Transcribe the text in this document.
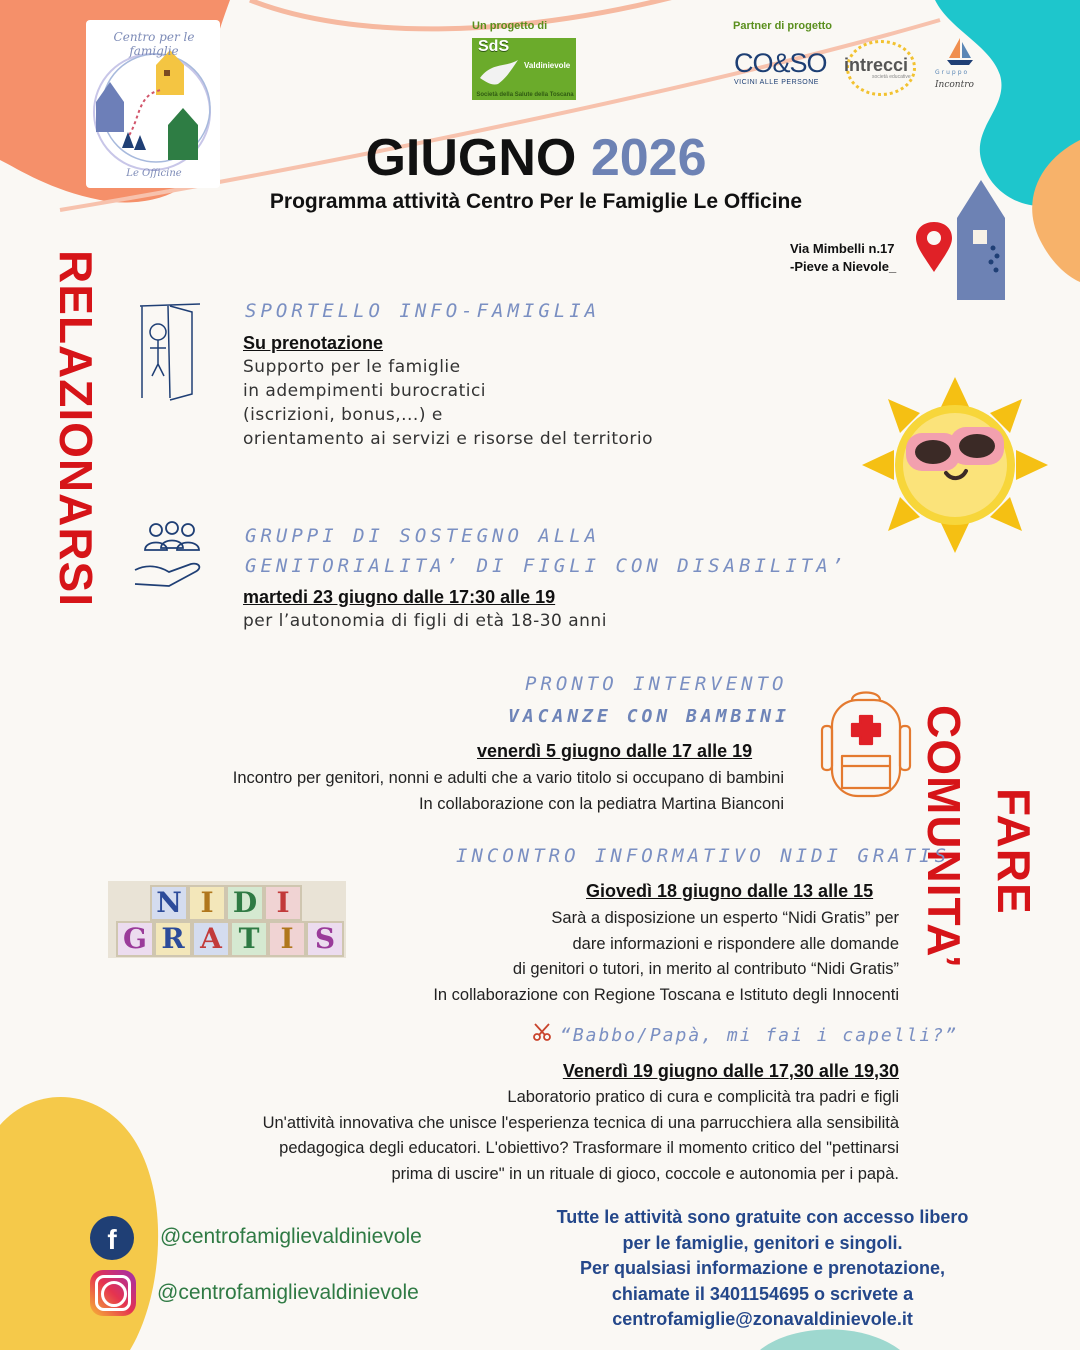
Centro per le famiglie
Le Officine
Un progetto di
SdS
Valdinievole
Società della Salute della Toscana
Partner di progetto
CO&SO
VICINI ALLE PERSONE
intrecci
società educative
Gruppo
Incontro
GIUGNO 2026
Programma attività Centro Per le Famiglie Le Officine
Via Mimbelli n.17
-Pieve a Nievole_
RELAZIONARSI
FARE
COMUNITA’
SPORTELLO INFO-FAMIGLIA
Su prenotazione
Supporto per le famiglie
in adempimenti burocratici
(iscrizioni, bonus,...) e
orientamento ai servizi e risorse del territorio
GRUPPI DI SOSTEGNO ALLA
GENITORIALITA’ DI FIGLI CON DISABILITA’
martedi 23 giugno dalle 17:30 alle 19
per l’autonomia di figli di età 18-30 anni
PRONTO INTERVENTO
VACANZE CON BAMBINI
venerdì 5 giugno dalle 17 alle 19
Incontro per genitori, nonni e adulti che a vario titolo si occupano di bambini
In collaborazione con la pediatra Martina Bianconi
INCONTRO INFORMATIVO NIDI GRATIS
N I D I
G R A T I S
Giovedì 18 giugno dalle 13 alle 15
Sarà a disposizione un esperto “Nidi Gratis” per
dare informazioni e rispondere alle domande
di genitori o tutori, in merito al contributo “Nidi Gratis”
In collaborazione con Regione Toscana e Istituto degli Innocenti
“Babbo/Papà, mi fai i capelli?”
Venerdì 19 giugno dalle 17,30 alle 19,30
Laboratorio pratico di cura e complicità tra padri e figli
Un'attività innovativa che unisce l'esperienza tecnica di una parrucchiera alla sensibilità
pedagogica degli educatori. L'obiettivo? Trasformare il momento critico del "pettinarsi
prima di uscire" in un rituale di gioco, coccole e autonomia per i papà.
f	@centrofamiglievaldinievole
@centrofamiglievaldinievole
Tutte le attività sono gratuite con accesso libero
per le famiglie, genitori e singoli.
Per qualsiasi informazione e prenotazione,
chiamate il 3401154695 o scrivete a
centrofamiglie@zonavaldinievole.it
